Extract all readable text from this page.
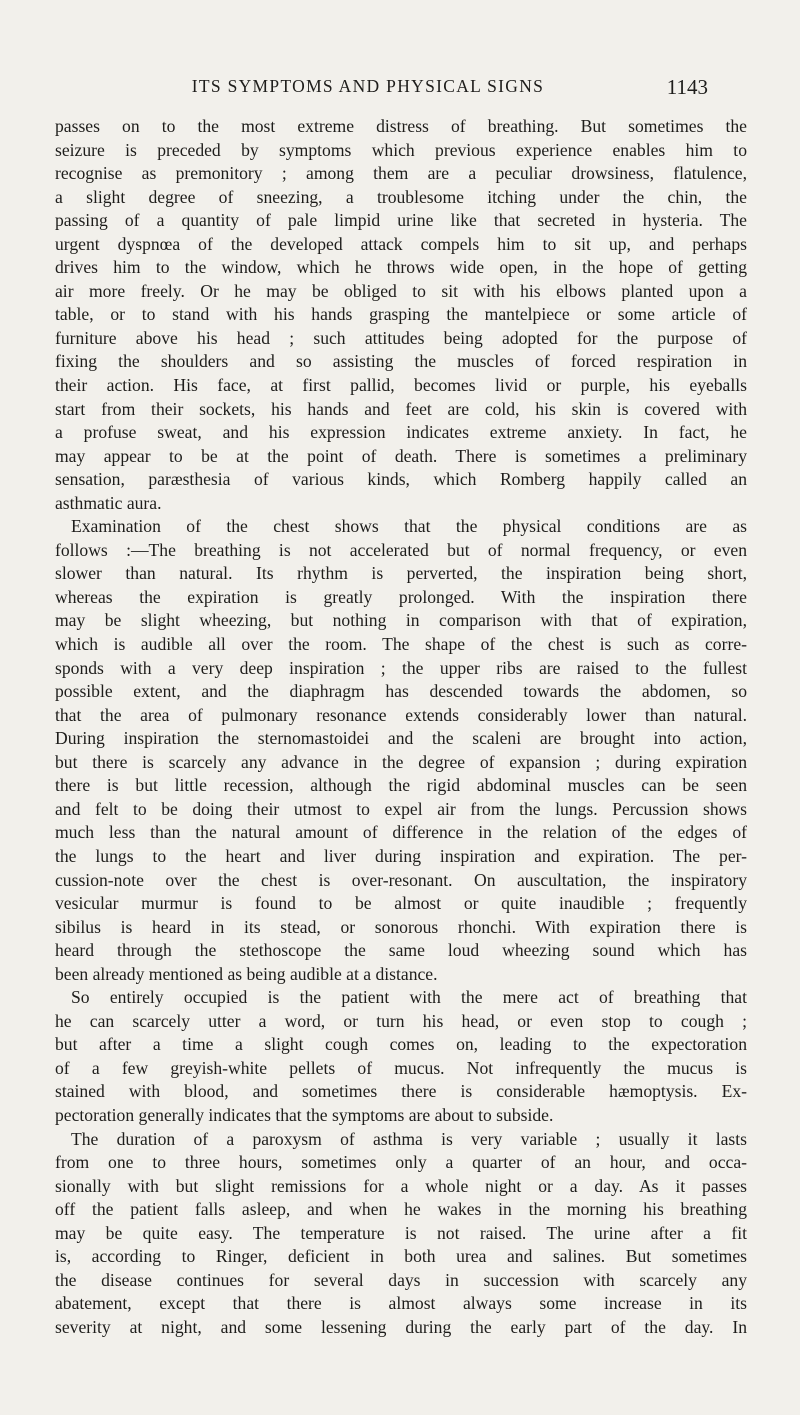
ITS SYMPTOMS AND PHYSICAL SIGNS	1143
passes on to the most extreme distress of breathing. But sometimes the
seizure is preceded by symptoms which previous experience enables him to
recognise as premonitory ; among them are a peculiar drowsiness, flatulence,
a slight degree of sneezing, a troublesome itching under the chin, the
passing of a quantity of pale limpid urine like that secreted in hysteria. The
urgent dyspnœa of the developed attack compels him to sit up, and perhaps
drives him to the window, which he throws wide open, in the hope of getting
air more freely. Or he may be obliged to sit with his elbows planted upon a
table, or to stand with his hands grasping the mantelpiece or some article of
furniture above his head ; such attitudes being adopted for the purpose of
fixing the shoulders and so assisting the muscles of forced respiration in
their action. His face, at first pallid, becomes livid or purple, his eyeballs
start from their sockets, his hands and feet are cold, his skin is covered with
a profuse sweat, and his expression indicates extreme anxiety. In fact, he
may appear to be at the point of death. There is sometimes a preliminary
sensation, paræsthesia of various kinds, which Romberg happily called an
asthmatic aura.
Examination of the chest shows that the physical conditions are as
follows :—The breathing is not accelerated but of normal frequency, or even
slower than natural. Its rhythm is perverted, the inspiration being short,
whereas the expiration is greatly prolonged. With the inspiration there
may be slight wheezing, but nothing in comparison with that of expiration,
which is audible all over the room. The shape of the chest is such as corre-
sponds with a very deep inspiration ; the upper ribs are raised to the fullest
possible extent, and the diaphragm has descended towards the abdomen, so
that the area of pulmonary resonance extends considerably lower than natural.
During inspiration the sternomastoidei and the scaleni are brought into action,
but there is scarcely any advance in the degree of expansion ; during expiration
there is but little recession, although the rigid abdominal muscles can be seen
and felt to be doing their utmost to expel air from the lungs. Percussion shows
much less than the natural amount of difference in the relation of the edges of
the lungs to the heart and liver during inspiration and expiration. The per-
cussion-note over the chest is over-resonant. On auscultation, the inspiratory
vesicular murmur is found to be almost or quite inaudible ; frequently
sibilus is heard in its stead, or sonorous rhonchi. With expiration there is
heard through the stethoscope the same loud wheezing sound which has
been already mentioned as being audible at a distance.
So entirely occupied is the patient with the mere act of breathing that
he can scarcely utter a word, or turn his head, or even stop to cough ;
but after a time a slight cough comes on, leading to the expectoration
of a few greyish-white pellets of mucus. Not infrequently the mucus is
stained with blood, and sometimes there is considerable hæmoptysis. Ex-
pectoration generally indicates that the symptoms are about to subside.
The duration of a paroxysm of asthma is very variable ; usually it lasts
from one to three hours, sometimes only a quarter of an hour, and occa-
sionally with but slight remissions for a whole night or a day. As it passes
off the patient falls asleep, and when he wakes in the morning his breathing
may be quite easy. The temperature is not raised. The urine after a fit
is, according to Ringer, deficient in both urea and salines. But sometimes
the disease continues for several days in succession with scarcely any
abatement, except that there is almost always some increase in its
severity at night, and some lessening during the early part of the day. In
